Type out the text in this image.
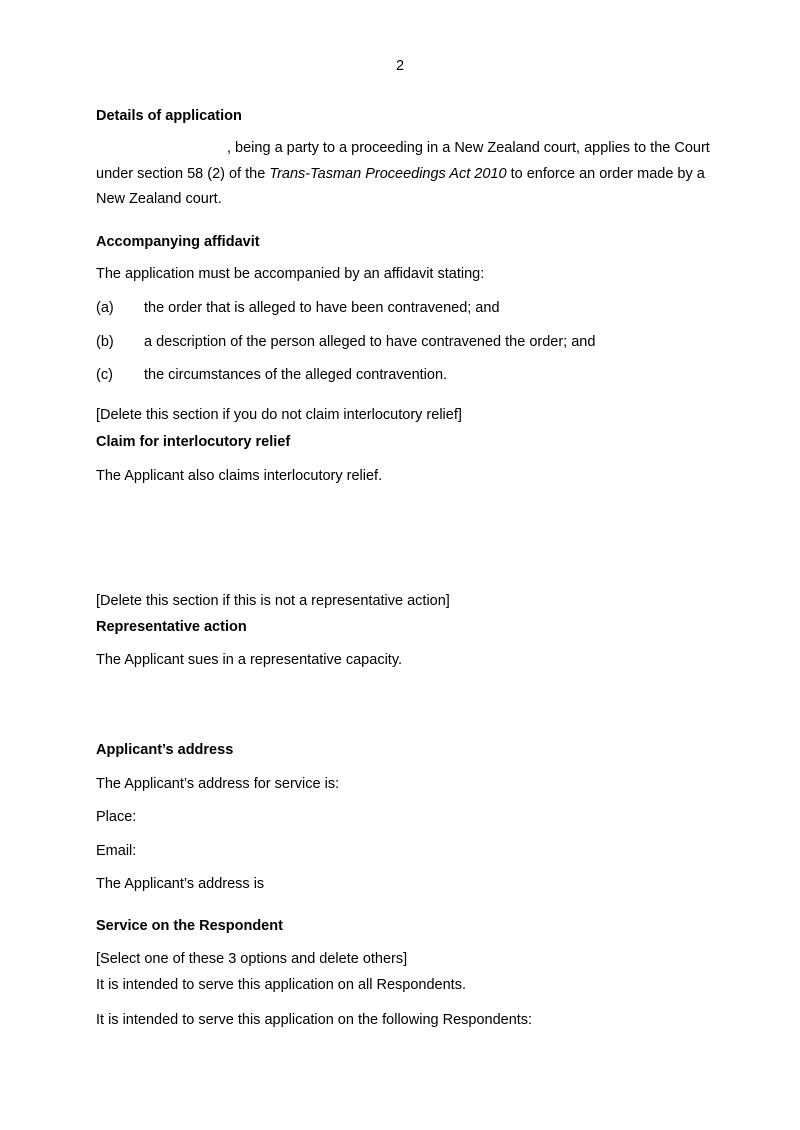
2
Details of application
, being a party to a proceeding in a New Zealand court, applies to the Court
under section 58 (2) of the Trans-Tasman Proceedings Act 2010 to enforce an order made by a
New Zealand court.
Accompanying affidavit
The application must be accompanied by an affidavit stating:
(a) the order that is alleged to have been contravened; and
(b) a description of the person alleged to have contravened the order; and
(c) the circumstances of the alleged contravention.
[Delete this section if you do not claim interlocutory relief]
Claim for interlocutory relief
The Applicant also claims interlocutory relief.
[Delete this section if this is not a representative action]
Representative action
The Applicant sues in a representative capacity.
Applicant’s address
The Applicant’s address for service is:
Place:
Email:
The Applicant’s address is
Service on the Respondent
[Select one of these 3 options and delete others]
It is intended to serve this application on all Respondents.
It is intended to serve this application on the following Respondents:
